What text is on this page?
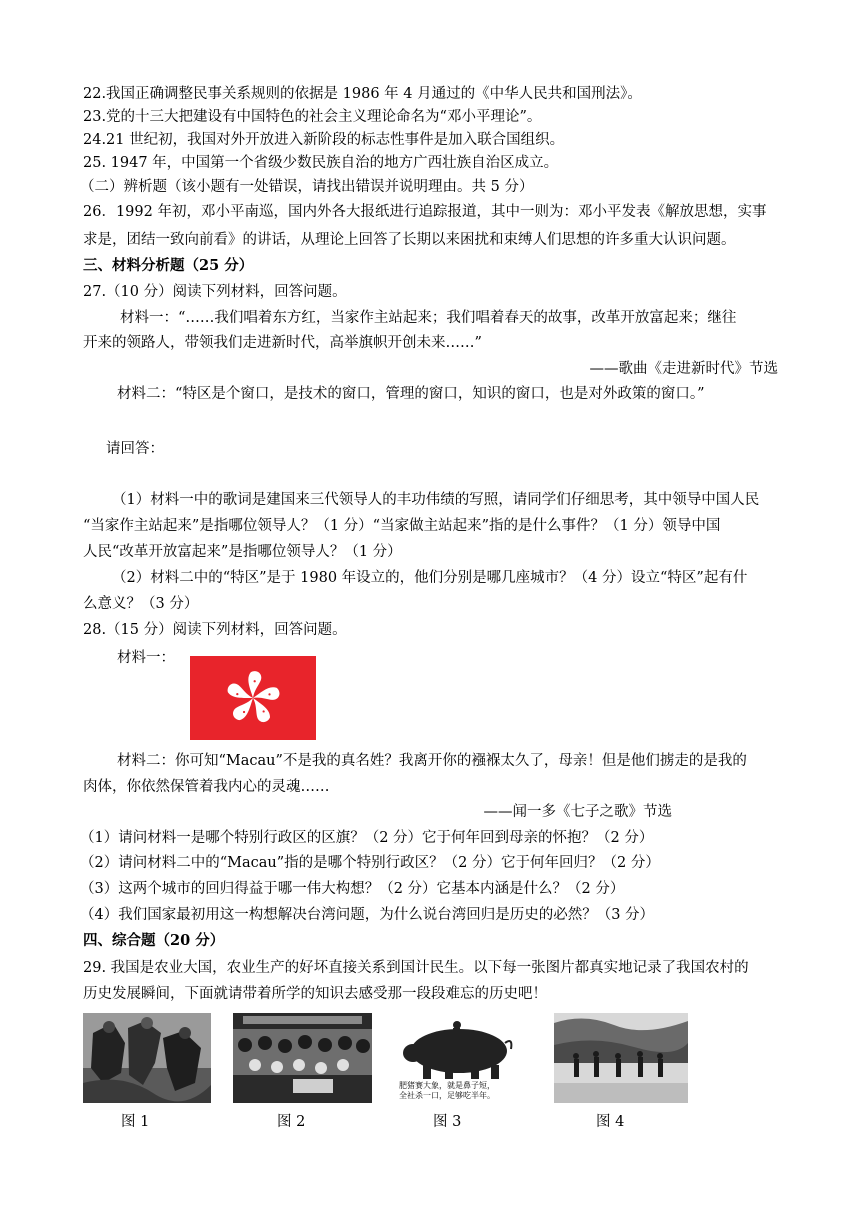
22.我国正确调整民事关系规则的依据是 1986 年 4 月通过的《中华人民共和国刑法》。
23.党的十三大把建设有中国特色的社会主义理论命名为“邓小平理论”。
24.21 世纪初，我国对外开放进入新阶段的标志性事件是加入联合国组织。
25. 1947 年，中国第一个省级少数民族自治的地方广西壮族自治区成立。
（二）辨析题（该小题有一处错误，请找出错误并说明理由。共 5 分）
26．1992 年初，邓小平南巡，国内外各大报纸进行追踪报道，其中一则为：邓小平发表《解放思想，实事
求是，团结一致向前看》的讲话，从理论上回答了长期以来困扰和束缚人们思想的许多重大认识问题。
三、材料分析题（25 分）
27.（10 分）阅读下列材料，回答问题。
材料一：“……我们唱着东方红，当家作主站起来；我们唱着春天的故事，改革开放富起来；继往
开来的领路人，带领我们走进新时代，高举旗帜开创未来……”
——歌曲《走进新时代》节选
材料二：“特区是个窗口，是技术的窗口，管理的窗口，知识的窗口，也是对外政策的窗口。”
请回答：
（1）材料一中的歌词是建国来三代领导人的丰功伟绩的写照，请同学们仔细思考，其中领导中国人民
“当家作主站起来”是指哪位领导人？（1 分）“当家做主站起来”指的是什么事件？（1 分）领导中国
人民“改革开放富起来”是指哪位领导人？（1 分）
（2）材料二中的“特区”是于 1980 年设立的，他们分别是哪几座城市？（4 分）设立“特区”起有什
么意义？（3 分）
28.（15 分）阅读下列材料，回答问题。
材料一：
材料二：你可知“Macau”不是我的真名姓？我离开你的襁褓太久了，母亲！但是他们掳走的是我的
肉体，你依然保管着我内心的灵魂……
——闻一多《七子之歌》节选
（1）请问材料一是哪个特别行政区的区旗？（2 分）它于何年回到母亲的怀抱？（2 分）
（2）请问材料二中的“Macau”指的是哪个特别行政区？（2 分）它于何年回归？（2 分）
（3）这两个城市的回归得益于哪一伟大构想？（2 分）它基本内涵是什么？（2 分）
（4）我们国家最初用这一构想解决台湾问题，为什么说台湾回归是历史的必然？（3 分）
四、综合题（20 分）
29. 我国是农业大国，农业生产的好坏直接关系到国计民生。以下每一张图片都真实地记录了我国农村的
历史发展瞬间，下面就请带着所学的知识去感受那一段段难忘的历史吧！
肥猪赛大象，就是鼻子短，
全社杀一口，足够吃半年。
图 1	图 2	图 3	图 4
